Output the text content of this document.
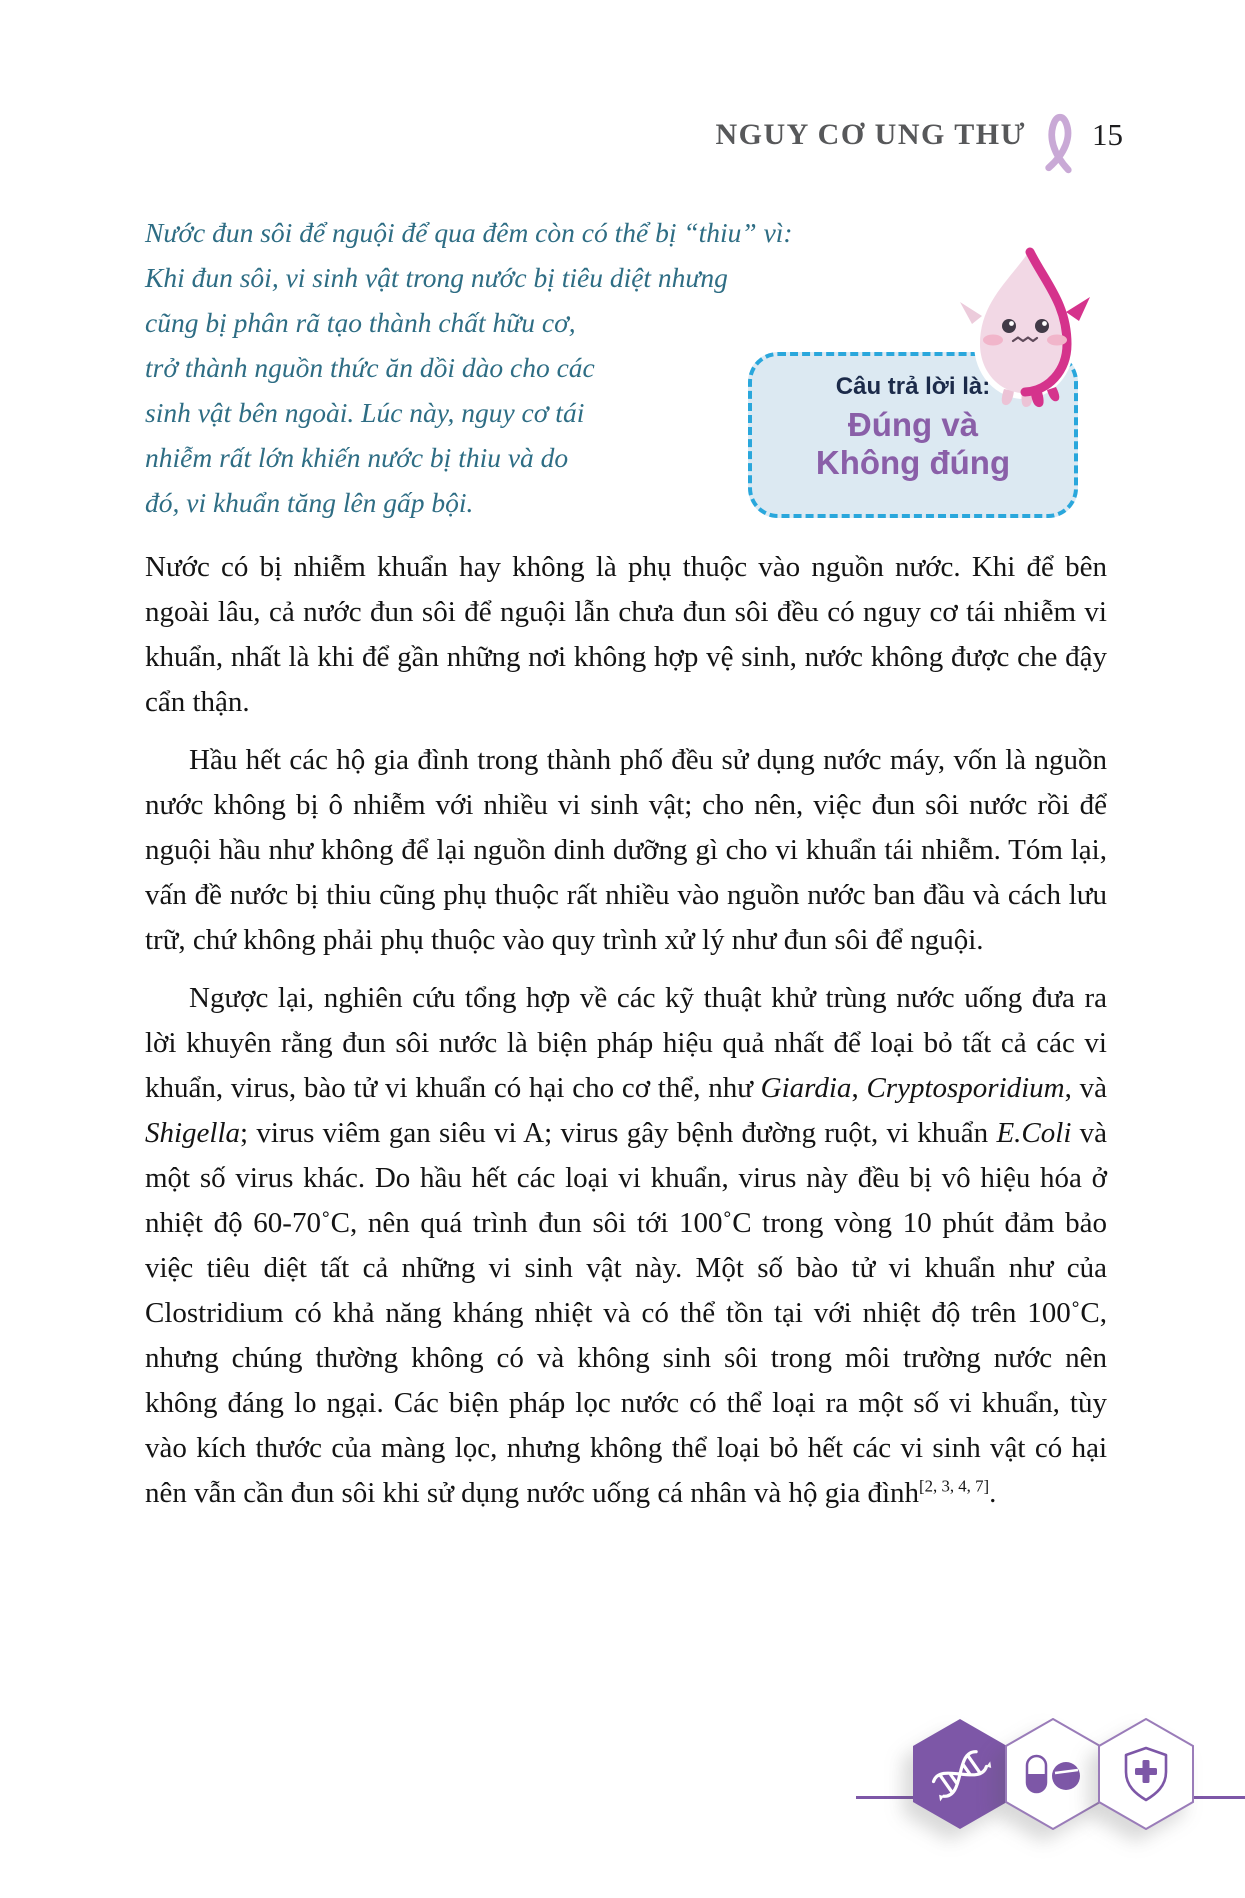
NGUY CƠ UNG THƯ 15
Nước đun sôi để nguội để qua đêm còn có thể bị “thiu” vì:
Khi đun sôi, vi sinh vật trong nước bị tiêu diệt nhưng
cũng bị phân rã tạo thành chất hữu cơ,
trở thành nguồn thức ăn dồi dào cho các
sinh vật bên ngoài. Lúc này, nguy cơ tái
nhiễm rất lớn khiến nước bị thiu và do
đó, vi khuẩn tăng lên gấp bội.
Câu trả lời là:
Đúng và
Không đúng

Nước có bị nhiễm khuẩn hay không là phụ thuộc vào nguồn nước. Khi để bên ngoài lâu, cả nước đun sôi để nguội lẫn chưa đun sôi đều có nguy cơ tái nhiễm vi khuẩn, nhất là khi để gần những nơi không hợp vệ sinh, nước không được che đậy cẩn thận.

Hầu hết các hộ gia đình trong thành phố đều sử dụng nước máy, vốn là nguồn nước không bị ô nhiễm với nhiều vi sinh vật; cho nên, việc đun sôi nước rồi để nguội hầu như không để lại nguồn dinh dưỡng gì cho vi khuẩn tái nhiễm. Tóm lại, vấn đề nước bị thiu cũng phụ thuộc rất nhiều vào nguồn nước ban đầu và cách lưu trữ, chứ không phải phụ thuộc vào quy trình xử lý như đun sôi để nguội.

Ngược lại, nghiên cứu tổng hợp về các kỹ thuật khử trùng nước uống đưa ra lời khuyên rằng đun sôi nước là biện pháp hiệu quả nhất để loại bỏ tất cả các vi khuẩn, virus, bào tử vi khuẩn có hại cho cơ thể, như Giardia, Cryptosporidium, và Shigella; virus viêm gan siêu vi A; virus gây bệnh đường ruột, vi khuẩn E.Coli và một số virus khác. Do hầu hết các loại vi khuẩn, virus này đều bị vô hiệu hóa ở nhiệt độ 60-70˚C, nên quá trình đun sôi tới 100˚C trong vòng 10 phút đảm bảo việc tiêu diệt tất cả những vi sinh vật này. Một số bào tử vi khuẩn như của Clostridium có khả năng kháng nhiệt và có thể tồn tại với nhiệt độ trên 100˚C, nhưng chúng thường không có và không sinh sôi trong môi trường nước nên không đáng lo ngại. Các biện pháp lọc nước có thể loại ra một số vi khuẩn, tùy vào kích thước của màng lọc, nhưng không thể loại bỏ hết các vi sinh vật có hại nên vẫn cần đun sôi khi sử dụng nước uống cá nhân và hộ gia đình[2, 3, 4, 7].
